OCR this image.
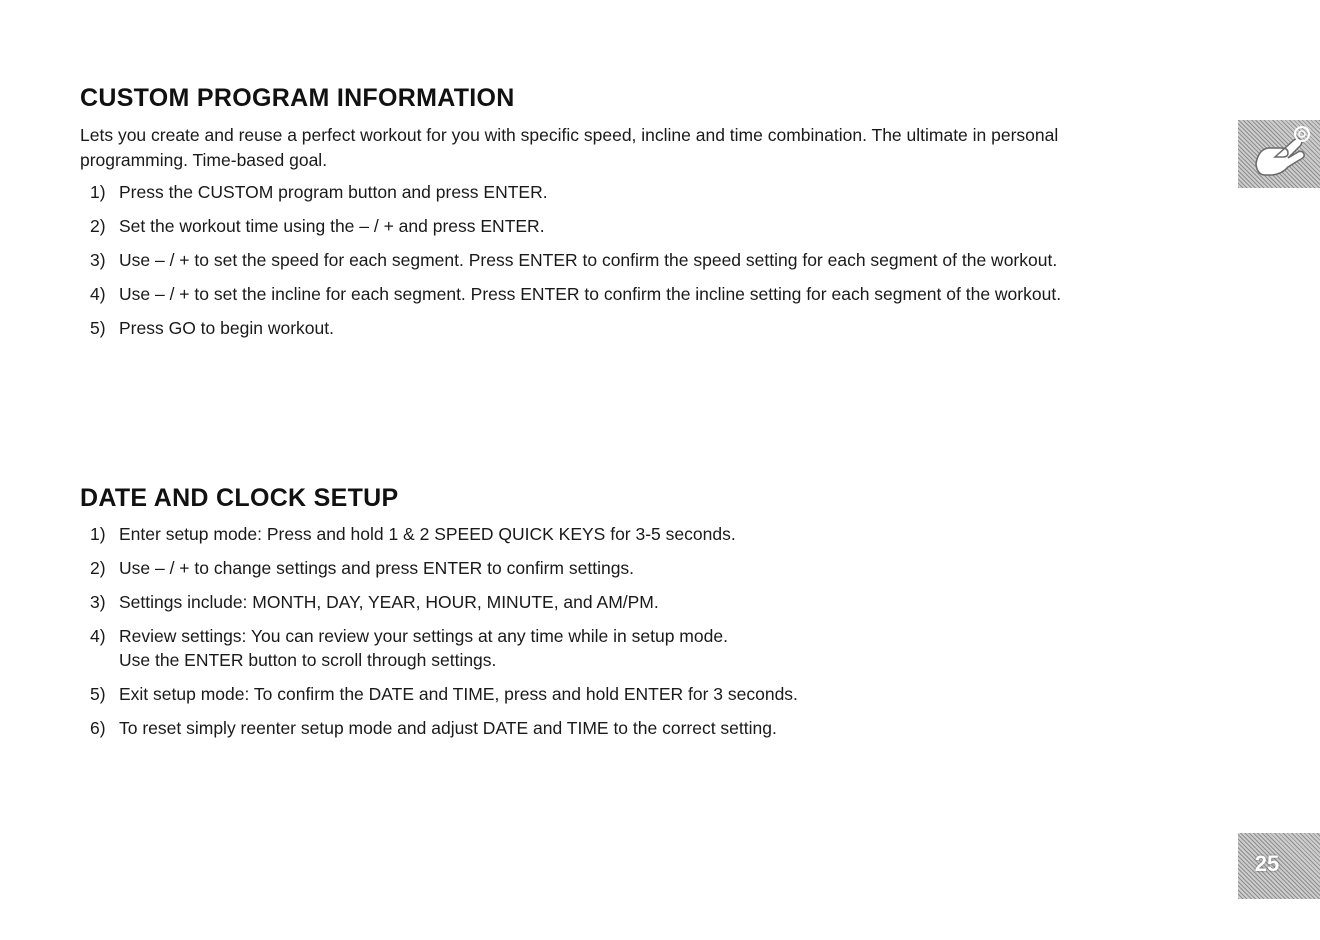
CUSTOM PROGRAM INFORMATION

Lets you create and reuse a perfect workout for you with specific speed, incline and time combination. The ultimate in personal programming. Time-based goal.

1) Press the CUSTOM program button and press ENTER.
2) Set the workout time using the – / + and press ENTER.
3) Use – / + to set the speed for each segment. Press ENTER to confirm the speed setting for each segment of the workout.
4) Use – / + to set the incline for each segment. Press ENTER to confirm the incline setting for each segment of the workout.
5) Press GO to begin workout.
DATE AND CLOCK SETUP
1) Enter setup mode: Press and hold 1 & 2 SPEED QUICK KEYS for 3-5 seconds.
2) Use – / + to change settings and press ENTER to confirm settings.
3) Settings include: MONTH, DAY, YEAR, HOUR, MINUTE, and AM/PM.
4) Review settings: You can review your settings at any time while in setup mode.
Use the ENTER button to scroll through settings.
5) Exit setup mode: To confirm the DATE and TIME, press and hold ENTER for 3 seconds.
6) To reset simply reenter setup mode and adjust DATE and TIME to the correct setting.
25
